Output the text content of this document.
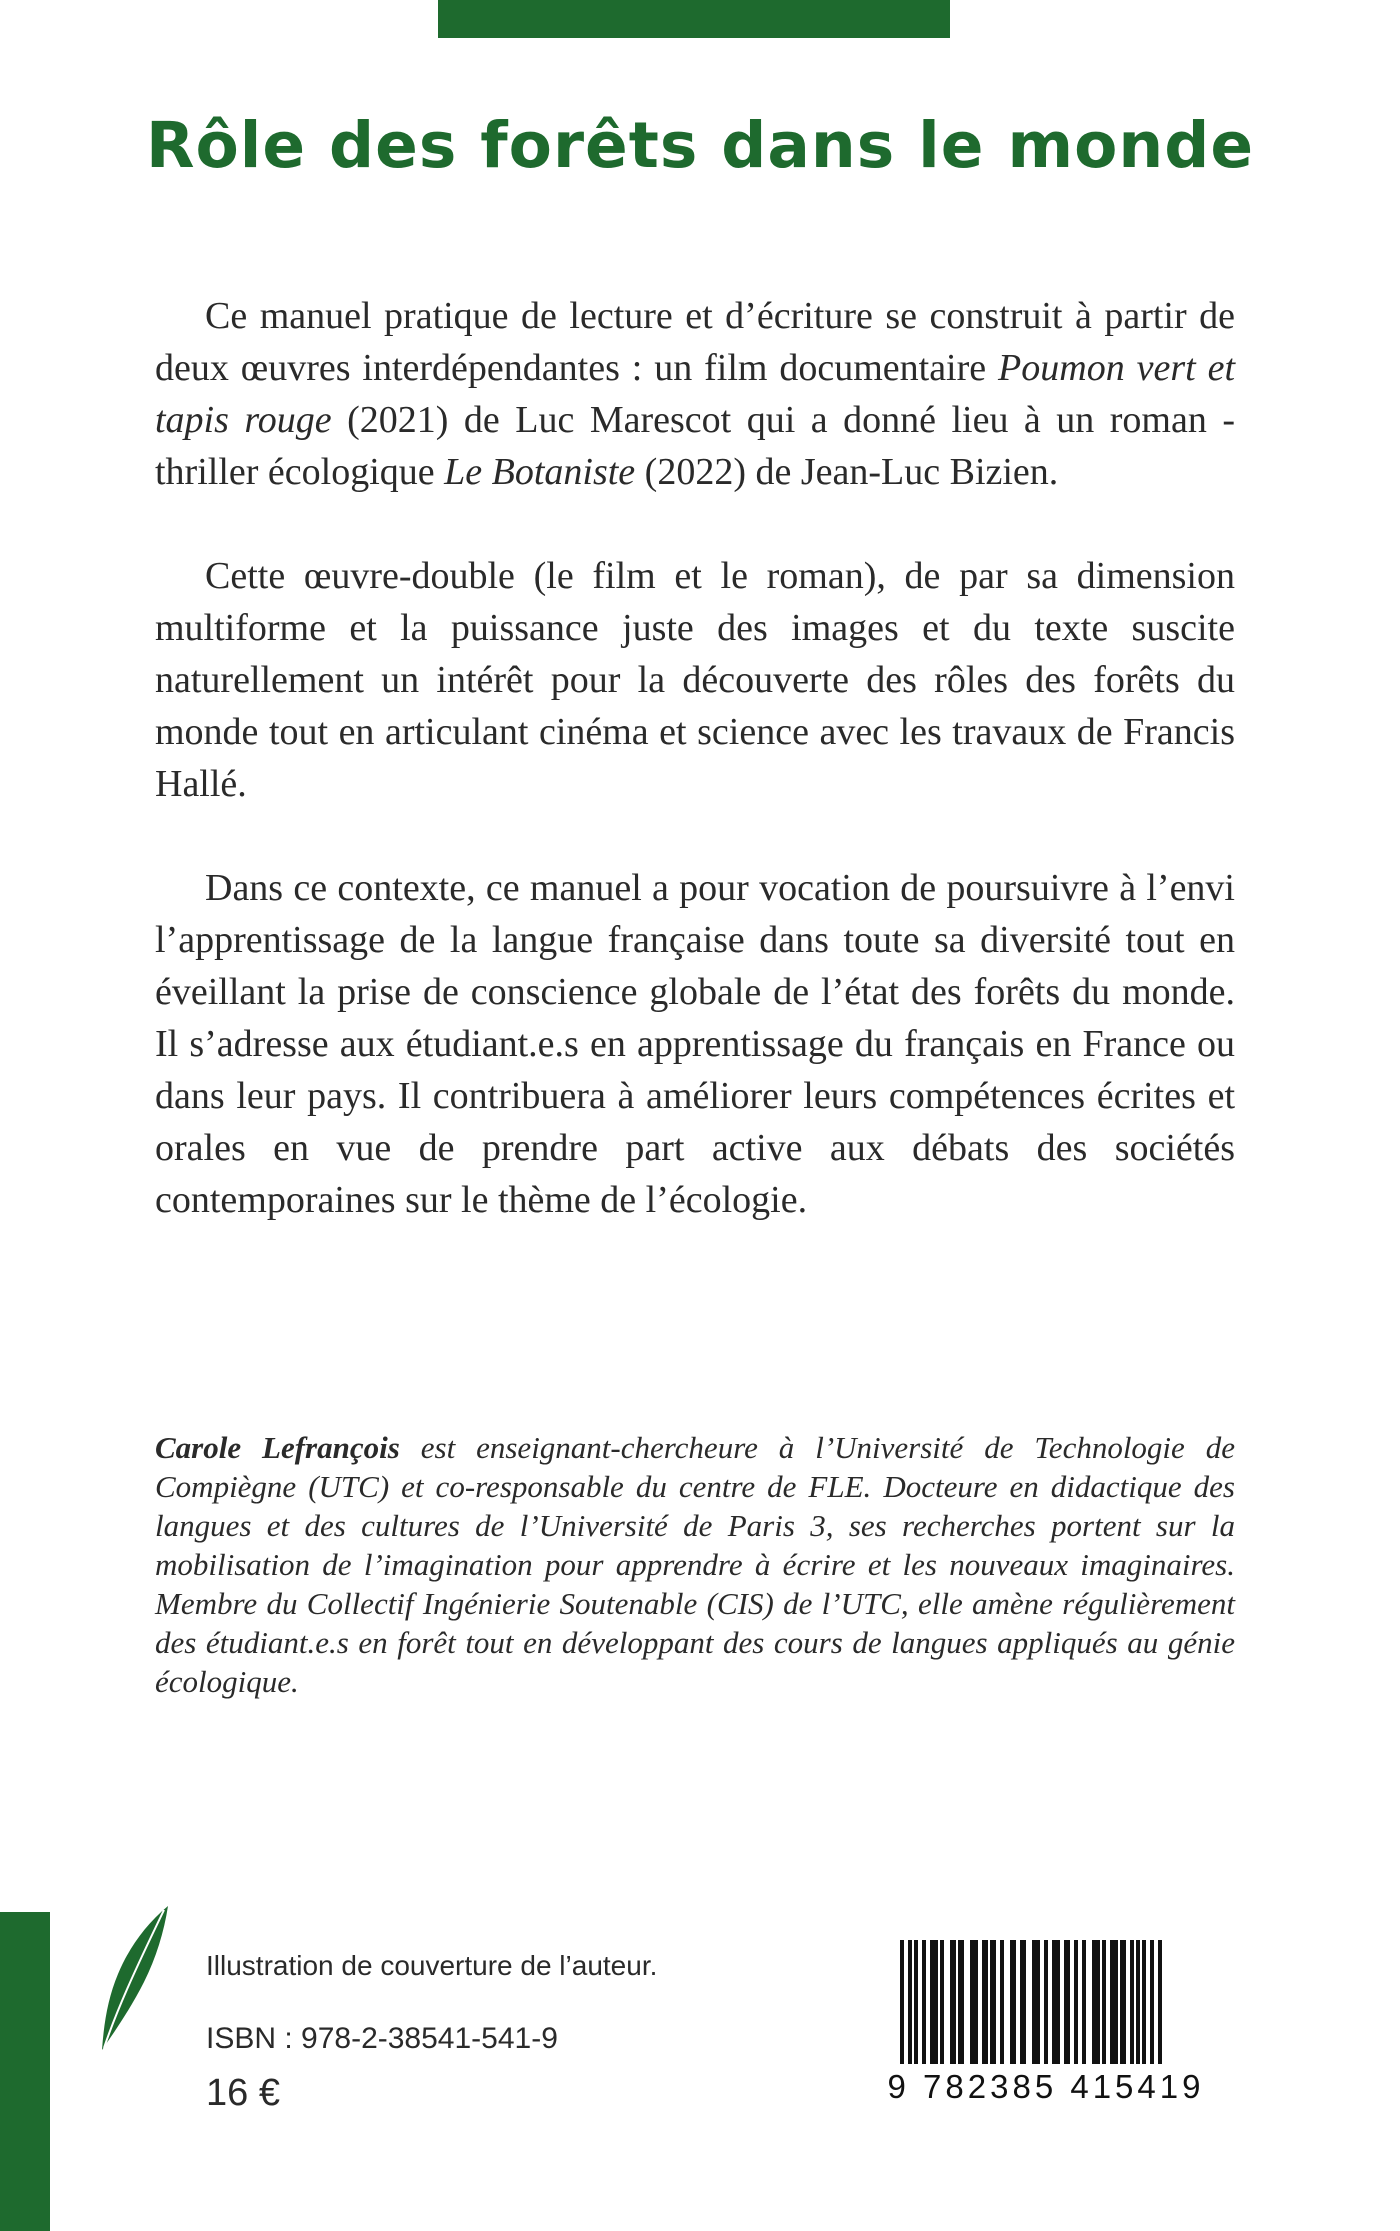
Rôle des forêts dans le monde

Ce manuel pratique de lecture et d’écriture se construit à partir de deux œuvres interdépendantes : un film documentaire Poumon vert et tapis rouge (2021) de Luc Marescot qui a donné lieu à un roman - thriller écologique Le Botaniste (2022) de Jean-Luc Bizien.

Cette œuvre-double (le film et le roman), de par sa dimension multiforme et la puissance juste des images et du texte suscite naturellement un intérêt pour la découverte des rôles des forêts du monde tout en articulant cinéma et science avec les travaux de Francis Hallé.

Dans ce contexte, ce manuel a pour vocation de poursuivre à l’envi l’apprentissage de la langue française dans toute sa diversité tout en éveillant la prise de conscience globale de l’état des forêts du monde. Il s’adresse aux étudiant.e.s en apprentissage du français en France ou dans leur pays. Il contribuera à améliorer leurs compétences écrites et orales en vue de prendre part active aux débats des sociétés contemporaines sur le thème de l’écologie.

Carole Lefrançois est enseignant-chercheure à l’Université de Technologie de Compiègne (UTC) et co-responsable du centre de FLE. Docteure en didactique des langues et des cultures de l’Université de Paris 3, ses recherches portent sur la mobilisation de l’imagination pour apprendre à écrire et les nouveaux imaginaires. Membre du Collectif Ingénierie Soutenable (CIS) de l’UTC, elle amène régulièrement des étudiant.e.s en forêt tout en développant des cours de langues appliqués au génie écologique.
Illustration de couverture de l’auteur.
ISBN : 978-2-38541-541-9
16 €	9 782385 415419
